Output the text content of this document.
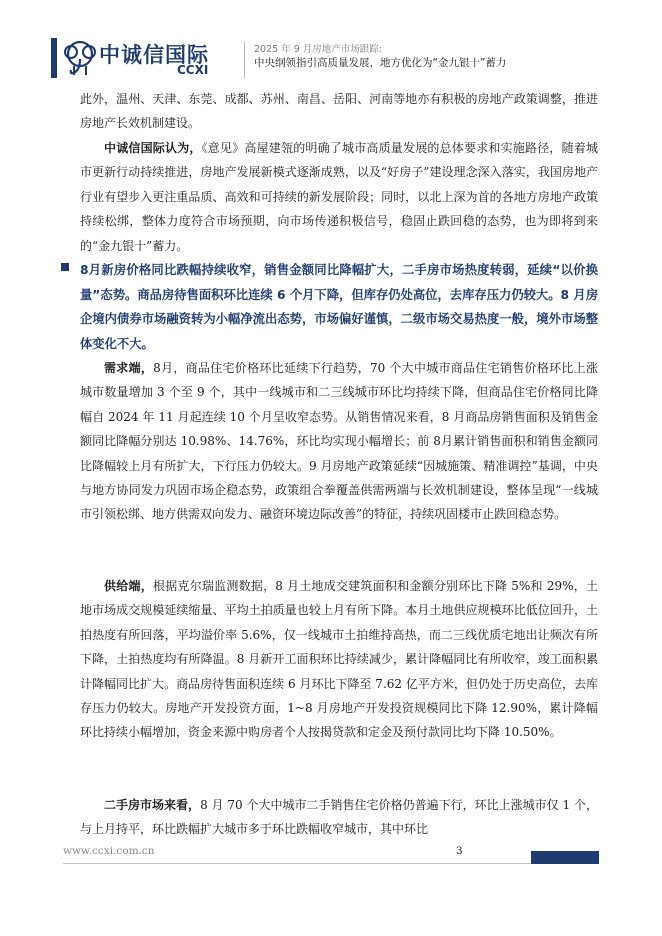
中诚信国际
CCXI
2025 年 9 月房地产市场跟踪:
中央纲领指引高质量发展，地方优化为“金九银十”蓄力

此外，温州、天津、东莞、成都、苏州、南昌、岳阳、河南等地亦有积极的房地产政策调整，推进房地产长效机制建设。

中诚信国际认为，《意见》高屋建瓴的明确了城市高质量发展的总体要求和实施路径，随着城市更新行动持续推进，房地产发展新模式逐渐成熟，以及“好房子”建设理念深入落实，我国房地产行业有望步入更注重品质、高效和可持续的新发展阶段；同时，以北上深为首的各地方房地产政策持续松绑，整体力度符合市场预期，向市场传递积极信号，稳固止跌回稳的态势，也为即将到来的“金九银十”蓄力。

8月新房价格同比跌幅持续收窄，销售金额同比降幅扩大，二手房市场热度转弱，延续“以价换量”态势。商品房待售面积环比连续 6 个月下降，但库存仍处高位，去库存压力仍较大。8 月房企境内债券市场融资转为小幅净流出态势，市场偏好谨慎，二级市场交易热度一般，境外市场整体变化不大。

需求端，8月，商品住宅价格环比延续下行趋势，70 个大中城市商品住宅销售价格环比上涨城市数量增加 3 个至 9 个，其中一线城市和二三线城市环比均持续下降，但商品住宅价格同比降幅自 2024 年 11 月起连续 10 个月呈收窄态势。从销售情况来看，8 月商品房销售面积及销售金额同比降幅分别达 10.98%、14.76%，环比均实现小幅增长；前 8月累计销售面积和销售金额同比降幅较上月有所扩大，下行压力仍较大。9 月房地产政策延续“因城施策、精准调控”基调，中央与地方协同发力巩固市场企稳态势，政策组合拳覆盖供需两端与长效机制建设，整体呈现“一线城市引领松绑、地方供需双向发力、融资环境边际改善”的特征，持续巩固楼市止跌回稳态势。

供给端，根据克尔瑞监测数据，8 月土地成交建筑面积和金额分别环比下降 5%和 29%，土地市场成交规模延续缩量、平均土拍质量也较上月有所下降。本月土地供应规模环比低位回升，土拍热度有所回落，平均溢价率 5.6%，仅一线城市土拍维持高热，而二三线优质宅地出让频次有所下降，土拍热度均有所降温。8 月新开工面积环比持续减少，累计降幅同比有所收窄，竣工面积累计降幅同比扩大。商品房待售面积连续 6 月环比下降至 7.62 亿平方米，但仍处于历史高位，去库存压力仍较大。房地产开发投资方面，1~8 月房地产开发投资规模同比下降 12.90%，累计降幅环比持续小幅增加，资金来源中购房者个人按揭贷款和定金及预付款同比均下降 10.50%。

二手房市场来看，8 月 70 个大中城市二手销售住宅价格仍普遍下行，环比上涨城市仅 1 个，与上月持平，环比跌幅扩大城市多于环比跌幅收窄城市，其中环比

www.ccxi.com.cn	3
